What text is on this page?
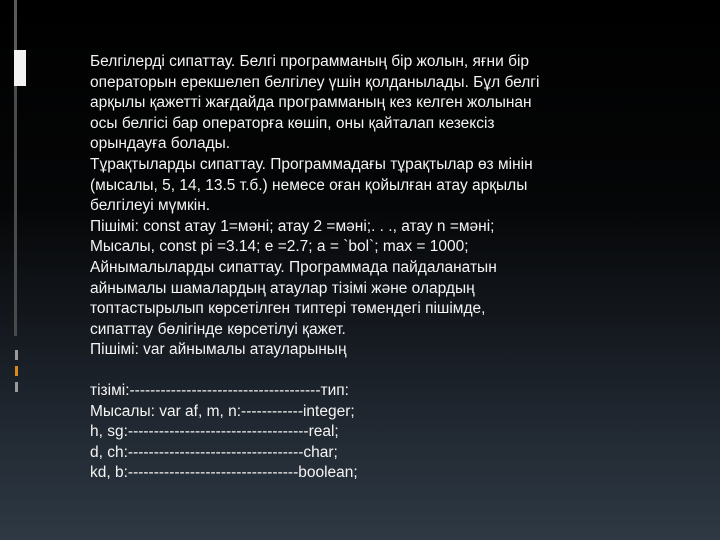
Белгілерді сипаттау. Белгі программаның бір жолын, яғни бір

операторын ерекшелеп белгілеу үшін қолданылады. Бұл белгі

арқылы қажетті жағдайда программаның кез келген жолынан

осы белгісі бар операторға көшіп, оны қайталап кезексіз

орындауға болады.

Тұрақтыларды сипаттау. Программадағы тұрақтылар өз мінін

(мысалы, 5, 14, 13.5 т.б.) немесе оған қойылған атау арқылы

белгілеуі мүмкін.

Пішімі: const атау 1=мәні; атау 2 =мәні;. . ., атау n =мәні;

Мысалы, const pi =3.14; e =2.7; a = `bol`; max = 1000;

Айнымалыларды сипаттау. Программада пайдаланатын

айнымалы шамалардың атаулар тізімі және олардың

топтастырылып көрсетілген типтері төмендегі пішімде,

сипаттау бөлігінде көрсетілуі қажет.

Пішімі: var айнымалы атауларының

тізімі:-------------------------------------тип:

Мысалы: var af, m, n:------------integer;

h, sg:-----------------------------------real;

d, ch:----------------------------------char;

kd, b:---------------------------------boolean;
